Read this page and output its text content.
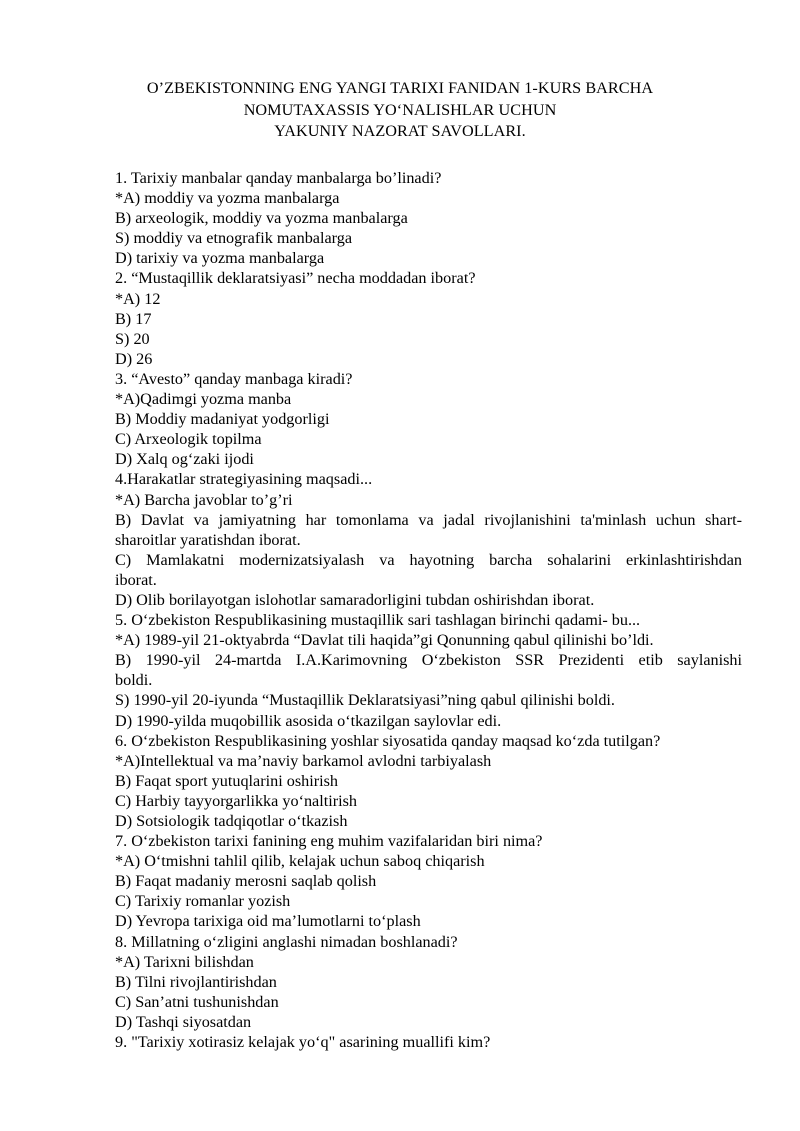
O’ZBEKISTONNING ENG YANGI TARIXI FANIDAN 1-KURS BARCHA
NOMUTAXASSIS YO‘NALISHLAR UCHUN
YAKUNIY NAZORAT SAVOLLARI.
1. Tarixiy manbalar qanday manbalarga bo’linadi?
*A) moddiy va yozma manbalarga
B) arxeologik, moddiy va yozma manbalarga
S) moddiy va etnografik manbalarga
D) tarixiy va yozma manbalarga
2. “Mustaqillik deklaratsiyasi” necha moddadan iborat?
*A) 12
B) 17
S) 20
D) 26
3. “Avesto” qanday manbaga kiradi?
*A)Qadimgi yozma manba
B) Moddiy madaniyat yodgorligi
C) Arxeologik topilma
D) Xalq og‘zaki ijodi
4.Harakatlar strategiyasining maqsadi...
*A) Barcha javoblar to’g’ri
B) Davlat va jamiyatning har tomonlama va jadal rivojlanishini ta'minlash uchun shart-
sharoitlar yaratishdan iborat.
C) Mamlakatni modernizatsiyalash va hayotning barcha sohalarini erkinlashtirishdan
iborat.
D) Olib borilayotgan islohotlar samaradorligini tubdan oshirishdan iborat.
5. O‘zbekiston Respublikasining mustaqillik sari tashlagan birinchi qadami- bu...
*A) 1989-yil 21-oktyabrda “Davlat tili haqida”gi Qonunning qabul qilinishi bo’ldi.
B) 1990-yil 24-martda I.A.Karimovning O‘zbekiston SSR Prezidenti etib saylanishi
boldi.
S) 1990-yil 20-iyunda “Mustaqillik Deklaratsiyasi”ning qabul qilinishi boldi.
D) 1990-yilda muqobillik asosida o‘tkazilgan saylovlar edi.
6. O‘zbekiston Respublikasining yoshlar siyosatida qanday maqsad ko‘zda tutilgan?
*A)Intellektual va ma’naviy barkamol avlodni tarbiyalash
B) Faqat sport yutuqlarini oshirish
C) Harbiy tayyorgarlikka yo‘naltirish
D) Sotsiologik tadqiqotlar o‘tkazish
7. O‘zbekiston tarixi fanining eng muhim vazifalaridan biri nima?
*A) O‘tmishni tahlil qilib, kelajak uchun saboq chiqarish
B) Faqat madaniy merosni saqlab qolish
C) Tarixiy romanlar yozish
D) Yevropa tarixiga oid ma’lumotlarni to‘plash
8. Millatning o‘zligini anglashi nimadan boshlanadi?
*A) Tarixni bilishdan
B) Tilni rivojlantirishdan
C) San’atni tushunishdan
D) Tashqi siyosatdan
9. "Tarixiy xotirasiz kelajak yo‘q" asarining muallifi kim?
